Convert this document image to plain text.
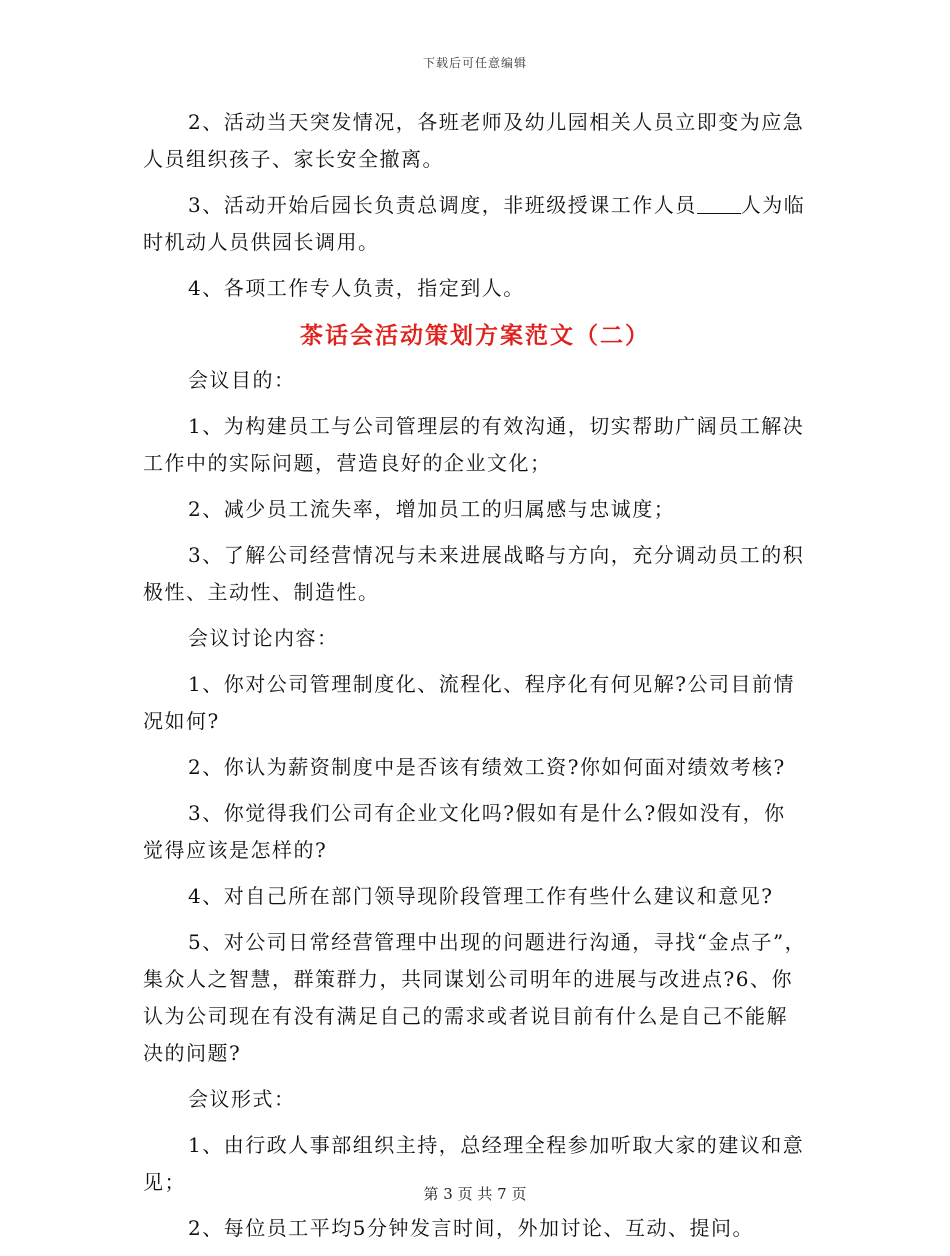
下载后可任意编辑

2、活动当天突发情况，各班老师及幼儿园相关人员立即变为应急人员组织孩子、家长安全撤离。

3、活动开始后园长负责总调度，非班级授课工作人员 人为临时机动人员供园长调用。

4、各项工作专人负责，指定到人。

茶话会活动策划方案范文（二）

会议目的：

1、为构建员工与公司管理层的有效沟通，切实帮助广阔员工解决工作中的实际问题，营造良好的企业文化；

2、减少员工流失率，增加员工的归属感与忠诚度；

3、了解公司经营情况与未来进展战略与方向，充分调动员工的积极性、主动性、制造性。

会议讨论内容：

1、你对公司管理制度化、流程化、程序化有何见解?公司目前情况如何?

2、你认为薪资制度中是否该有绩效工资?你如何面对绩效考核?

3、你觉得我们公司有企业文化吗?假如有是什么?假如没有，你觉得应该是怎样的?

4、对自己所在部门领导现阶段管理工作有些什么建议和意见?

5、对公司日常经营管理中出现的问题进行沟通，寻找“金点子”，集众人之智慧，群策群力，共同谋划公司明年的进展与改进点?6、你认为公司现在有没有满足自己的需求或者说目前有什么是自己不能解决的问题?

会议形式：

1、由行政人事部组织主持，总经理全程参加听取大家的建议和意见；

2、每位员工平均5分钟发言时间，外加讨论、互动、提问。

第 3 页 共 7 页
